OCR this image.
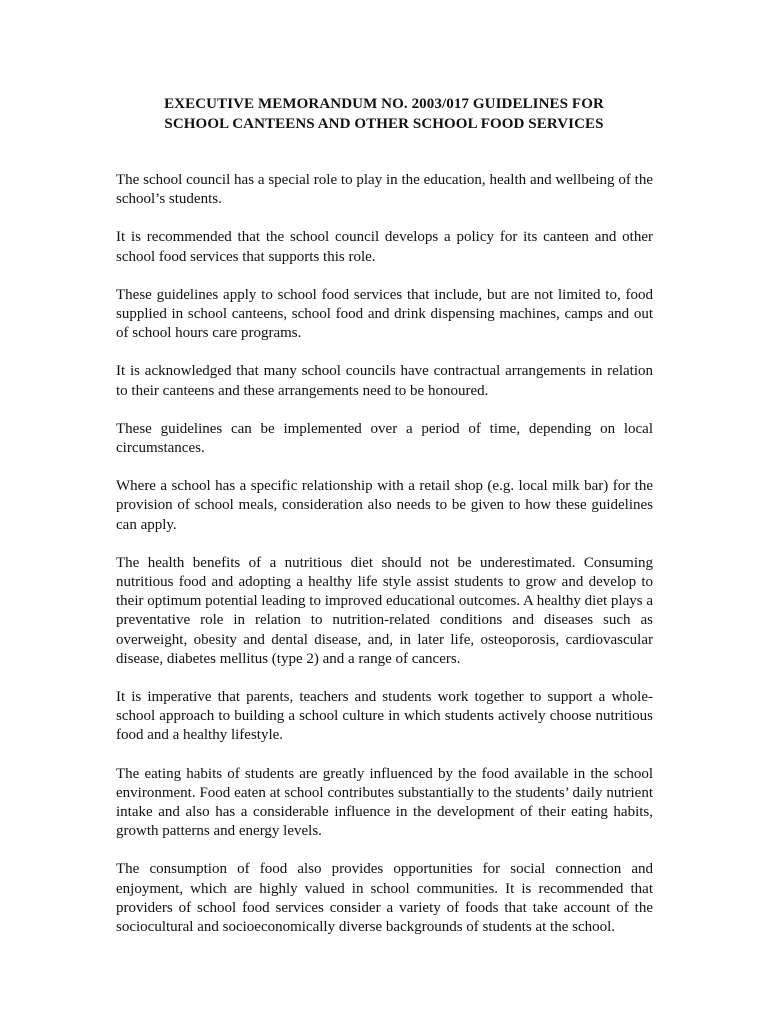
EXECUTIVE MEMORANDUM NO. 2003/017 GUIDELINES FOR
SCHOOL CANTEENS AND OTHER SCHOOL FOOD SERVICES

The school council has a special role to play in the education, health and wellbeing of the school’s students.

It is recommended that the school council develops a policy for its canteen and other school food services that supports this role.

These guidelines apply to school food services that include, but are not limited to, food supplied in school canteens, school food and drink dispensing machines, camps and out of school hours care programs.

It is acknowledged that many school councils have contractual arrangements in relation to their canteens and these arrangements need to be honoured.

These guidelines can be implemented over a period of time, depending on local circumstances.

Where a school has a specific relationship with a retail shop (e.g. local milk bar) for the provision of school meals, consideration also needs to be given to how these guidelines can apply.

The health benefits of a nutritious diet should not be underestimated. Consuming nutritious food and adopting a healthy life style assist students to grow and develop to their optimum potential leading to improved educational outcomes. A healthy diet plays a preventative role in relation to nutrition-related conditions and diseases such as overweight, obesity and dental disease, and, in later life, osteoporosis, cardiovascular disease, diabetes mellitus (type 2) and a range of cancers.

It is imperative that parents, teachers and students work together to support a whole-school approach to building a school culture in which students actively choose nutritious food and a healthy lifestyle.

The eating habits of students are greatly influenced by the food available in the school environment. Food eaten at school contributes substantially to the students’ daily nutrient intake and also has a considerable influence in the development of their eating habits, growth patterns and energy levels.

The consumption of food also provides opportunities for social connection and enjoyment, which are highly valued in school communities. It is recommended that providers of school food services consider a variety of foods that take account of the sociocultural and socioeconomically diverse backgrounds of students at the school.
